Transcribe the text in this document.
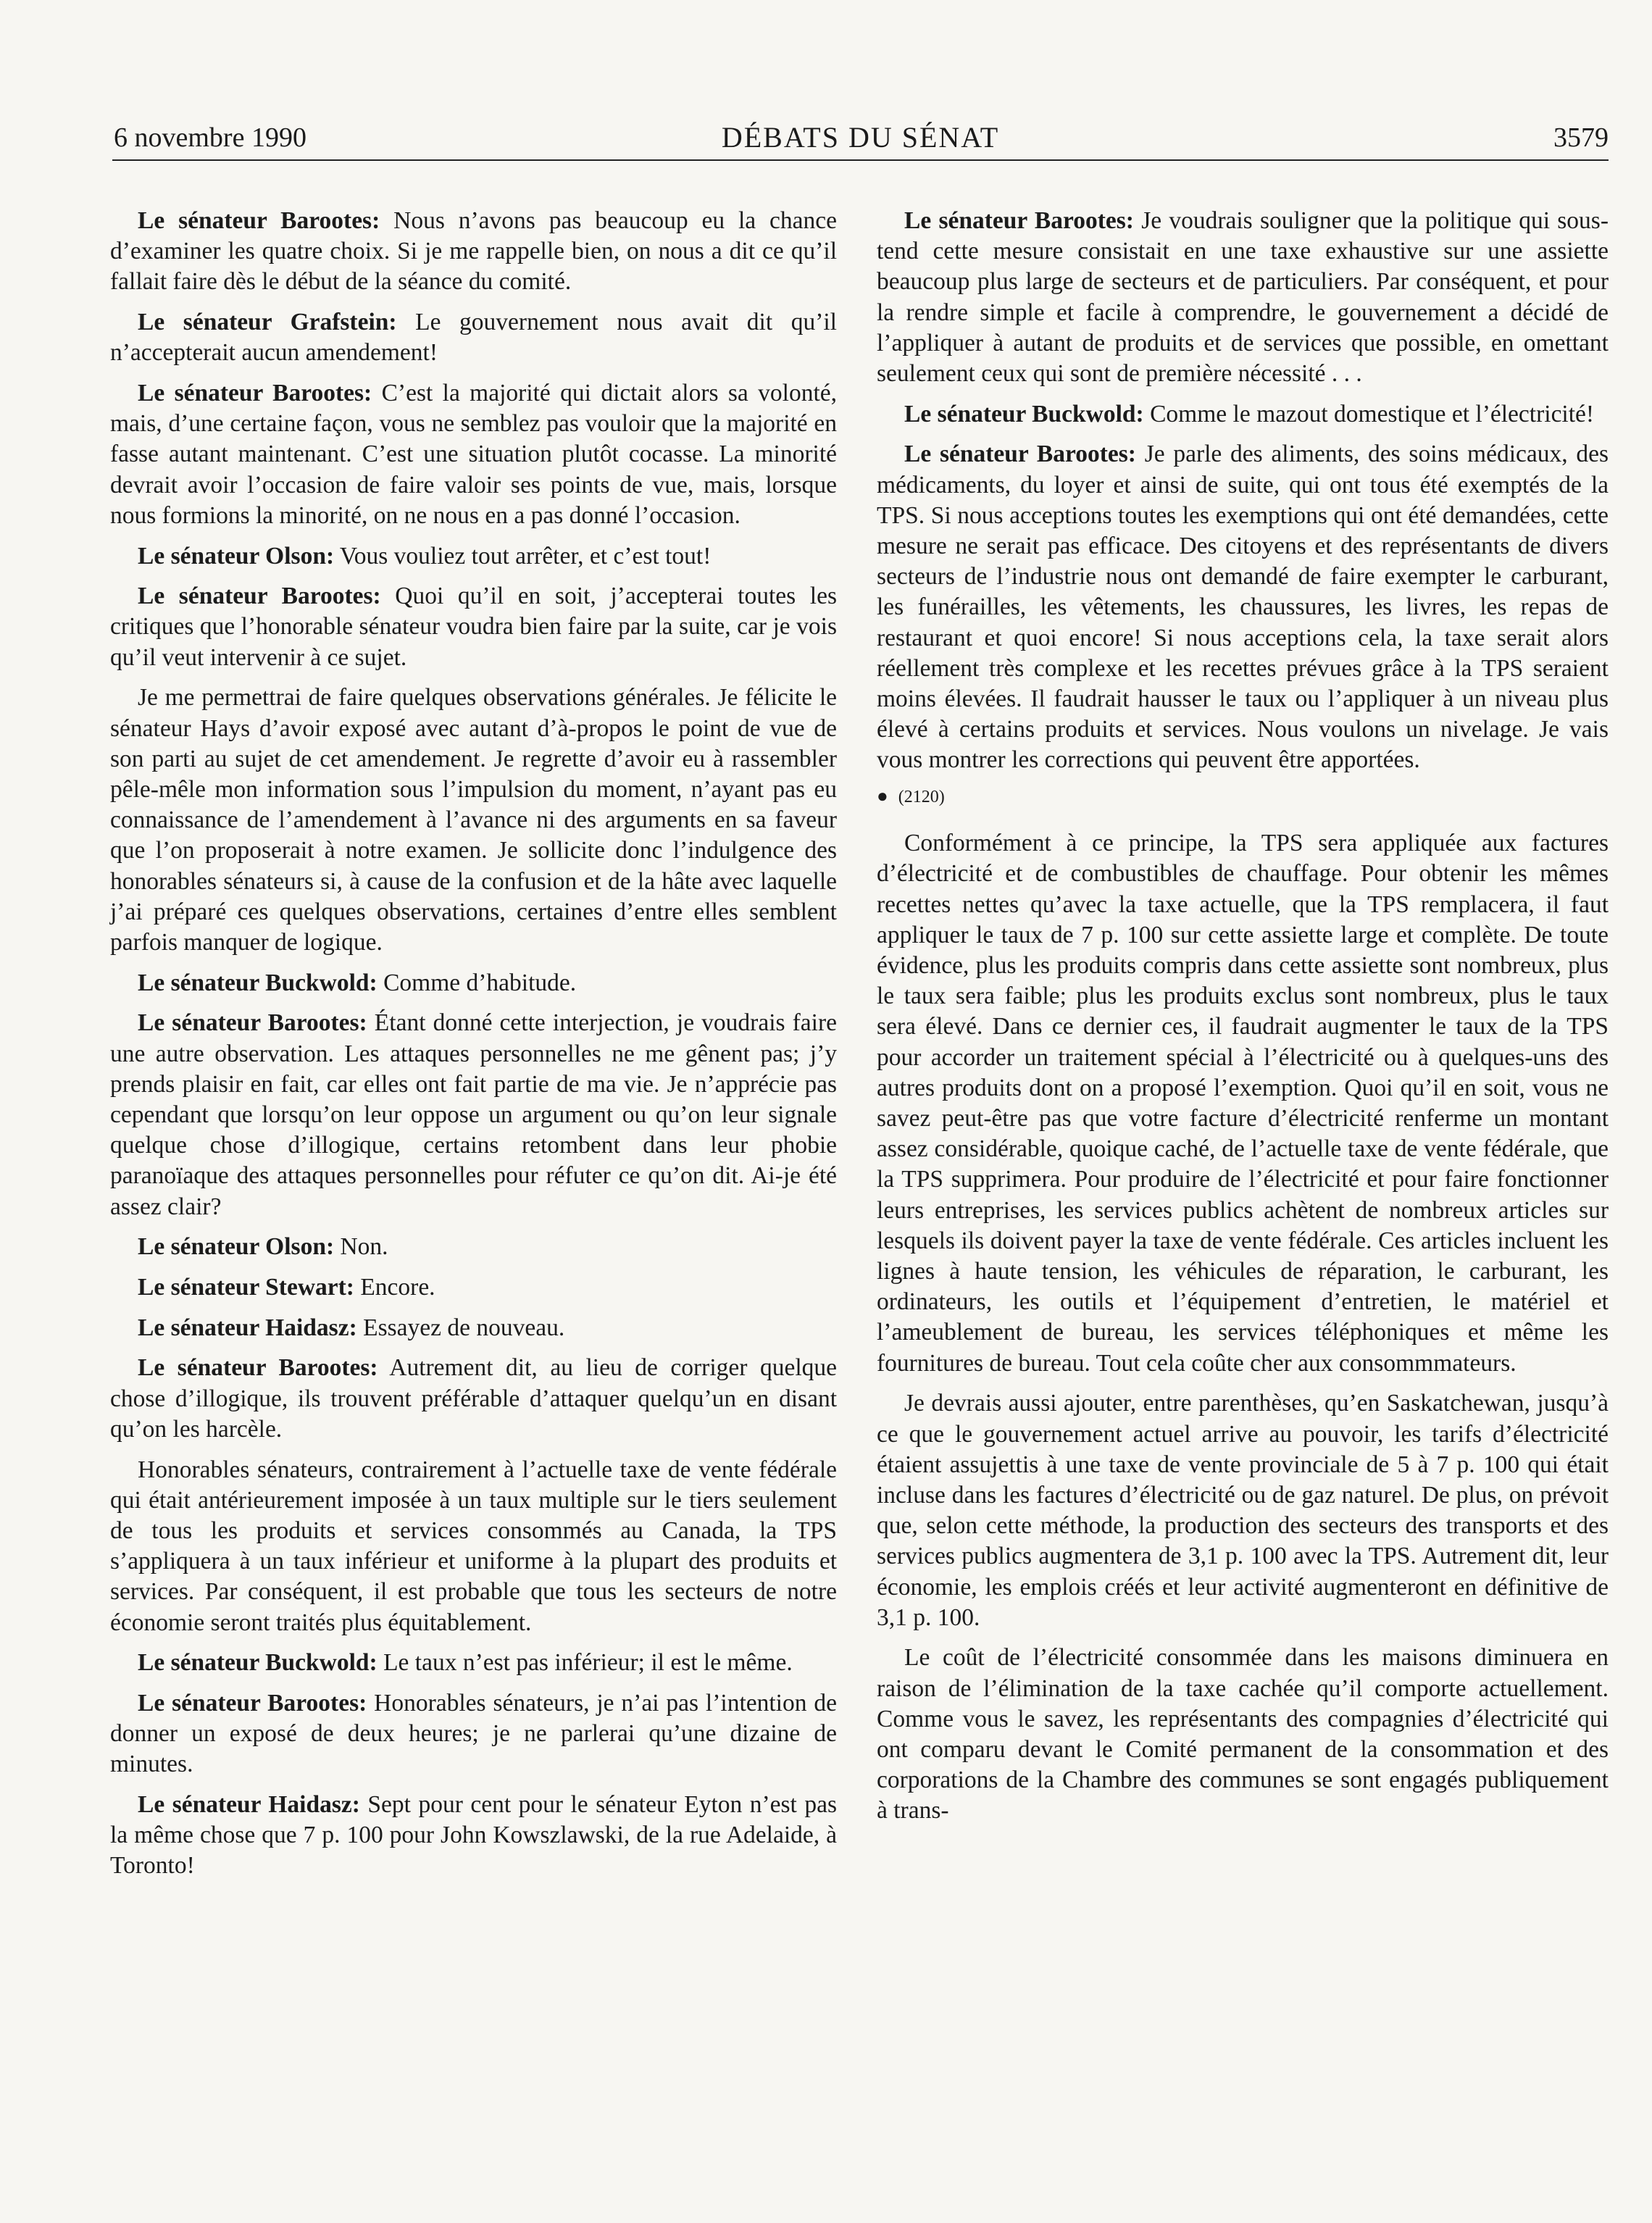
6 novembre 1990	DÉBATS DU SÉNAT	3579

Le sénateur Barootes: Nous n’avons pas beaucoup eu la chance d’examiner les quatre choix. Si je me rappelle bien, on nous a dit ce qu’il fallait faire dès le début de la séance du comité.

Le sénateur Grafstein: Le gouvernement nous avait dit qu’il n’accepterait aucun amendement!

Le sénateur Barootes: C’est la majorité qui dictait alors sa volonté, mais, d’une certaine façon, vous ne semblez pas vouloir que la majorité en fasse autant maintenant. C’est une situation plutôt cocasse. La minorité devrait avoir l’occasion de faire valoir ses points de vue, mais, lorsque nous formions la minorité, on ne nous en a pas donné l’occasion.

Le sénateur Olson: Vous vouliez tout arrêter, et c’est tout!

Le sénateur Barootes: Quoi qu’il en soit, j’accepterai toutes les critiques que l’honorable sénateur voudra bien faire par la suite, car je vois qu’il veut intervenir à ce sujet.

Je me permettrai de faire quelques observations générales. Je félicite le sénateur Hays d’avoir exposé avec autant d’à-propos le point de vue de son parti au sujet de cet amendement. Je regrette d’avoir eu à rassembler pêle-mêle mon information sous l’impulsion du moment, n’ayant pas eu connaissance de l’amendement à l’avance ni des arguments en sa faveur que l’on proposerait à notre examen. Je sollicite donc l’indulgence des honorables sénateurs si, à cause de la confusion et de la hâte avec laquelle j’ai préparé ces quelques observations, certaines d’entre elles semblent parfois manquer de logique.

Le sénateur Buckwold: Comme d’habitude.

Le sénateur Barootes: Étant donné cette interjection, je voudrais faire une autre observation. Les attaques personnelles ne me gênent pas; j’y prends plaisir en fait, car elles ont fait partie de ma vie. Je n’apprécie pas cependant que lorsqu’on leur oppose un argument ou qu’on leur signale quelque chose d’illogique, certains retombent dans leur phobie paranoïaque des attaques personnelles pour réfuter ce qu’on dit. Ai-je été assez clair?

Le sénateur Olson: Non.

Le sénateur Stewart: Encore.

Le sénateur Haidasz: Essayez de nouveau.

Le sénateur Barootes: Autrement dit, au lieu de corriger quelque chose d’illogique, ils trouvent préférable d’attaquer quelqu’un en disant qu’on les harcèle.

Honorables sénateurs, contrairement à l’actuelle taxe de vente fédérale qui était antérieurement imposée à un taux multiple sur le tiers seulement de tous les produits et services consommés au Canada, la TPS s’appliquera à un taux inférieur et uniforme à la plupart des produits et services. Par conséquent, il est probable que tous les secteurs de notre économie seront traités plus équitablement.

Le sénateur Buckwold: Le taux n’est pas inférieur; il est le même.

Le sénateur Barootes: Honorables sénateurs, je n’ai pas l’intention de donner un exposé de deux heures; je ne parlerai qu’une dizaine de minutes.

Le sénateur Haidasz: Sept pour cent pour le sénateur Eyton n’est pas la même chose que 7 p. 100 pour John Kowszlawski, de la rue Adelaide, à Toronto!

Le sénateur Barootes: Je voudrais souligner que la politique qui sous-tend cette mesure consistait en une taxe exhaustive sur une assiette beaucoup plus large de secteurs et de particuliers. Par conséquent, et pour la rendre simple et facile à comprendre, le gouvernement a décidé de l’appliquer à autant de produits et de services que possible, en omettant seulement ceux qui sont de première nécessité . . .

Le sénateur Buckwold: Comme le mazout domestique et l’électricité!

Le sénateur Barootes: Je parle des aliments, des soins médicaux, des médicaments, du loyer et ainsi de suite, qui ont tous été exemptés de la TPS. Si nous acceptions toutes les exemptions qui ont été demandées, cette mesure ne serait pas efficace. Des citoyens et des représentants de divers secteurs de l’industrie nous ont demandé de faire exempter le carburant, les funérailles, les vêtements, les chaussures, les livres, les repas de restaurant et quoi encore! Si nous acceptions cela, la taxe serait alors réellement très complexe et les recettes prévues grâce à la TPS seraient moins élevées. Il faudrait hausser le taux ou l’appliquer à un niveau plus élevé à certains produits et services. Nous voulons un nivelage. Je vais vous montrer les corrections qui peuvent être apportées.

● (2120)

Conformément à ce principe, la TPS sera appliquée aux factures d’électricité et de combustibles de chauffage. Pour obtenir les mêmes recettes nettes qu’avec la taxe actuelle, que la TPS remplacera, il faut appliquer le taux de 7 p. 100 sur cette assiette large et complète. De toute évidence, plus les produits compris dans cette assiette sont nombreux, plus le taux sera faible; plus les produits exclus sont nombreux, plus le taux sera élevé. Dans ce dernier ces, il faudrait augmenter le taux de la TPS pour accorder un traitement spécial à l’électricité ou à quelques-uns des autres produits dont on a proposé l’exemption. Quoi qu’il en soit, vous ne savez peut-être pas que votre facture d’électricité renferme un montant assez considérable, quoique caché, de l’actuelle taxe de vente fédérale, que la TPS supprimera. Pour produire de l’électricité et pour faire fonctionner leurs entreprises, les services publics achètent de nombreux articles sur lesquels ils doivent payer la taxe de vente fédérale. Ces articles incluent les lignes à haute tension, les véhicules de réparation, le carburant, les ordinateurs, les outils et l’équipement d’entretien, le matériel et l’ameublement de bureau, les services téléphoniques et même les fournitures de bureau. Tout cela coûte cher aux consommmateurs.

Je devrais aussi ajouter, entre parenthèses, qu’en Saskatchewan, jusqu’à ce que le gouvernement actuel arrive au pouvoir, les tarifs d’électricité étaient assujettis à une taxe de vente provinciale de 5 à 7 p. 100 qui était incluse dans les factures d’électricité ou de gaz naturel. De plus, on prévoit que, selon cette méthode, la production des secteurs des transports et des services publics augmentera de 3,1 p. 100 avec la TPS. Autrement dit, leur économie, les emplois créés et leur activité augmenteront en définitive de 3,1 p. 100.

Le coût de l’électricité consommée dans les maisons diminuera en raison de l’élimination de la taxe cachée qu’il comporte actuellement. Comme vous le savez, les représentants des compagnies d’électricité qui ont comparu devant le Comité permanent de la consommation et des corporations de la Chambre des communes se sont engagés publiquement à trans-
